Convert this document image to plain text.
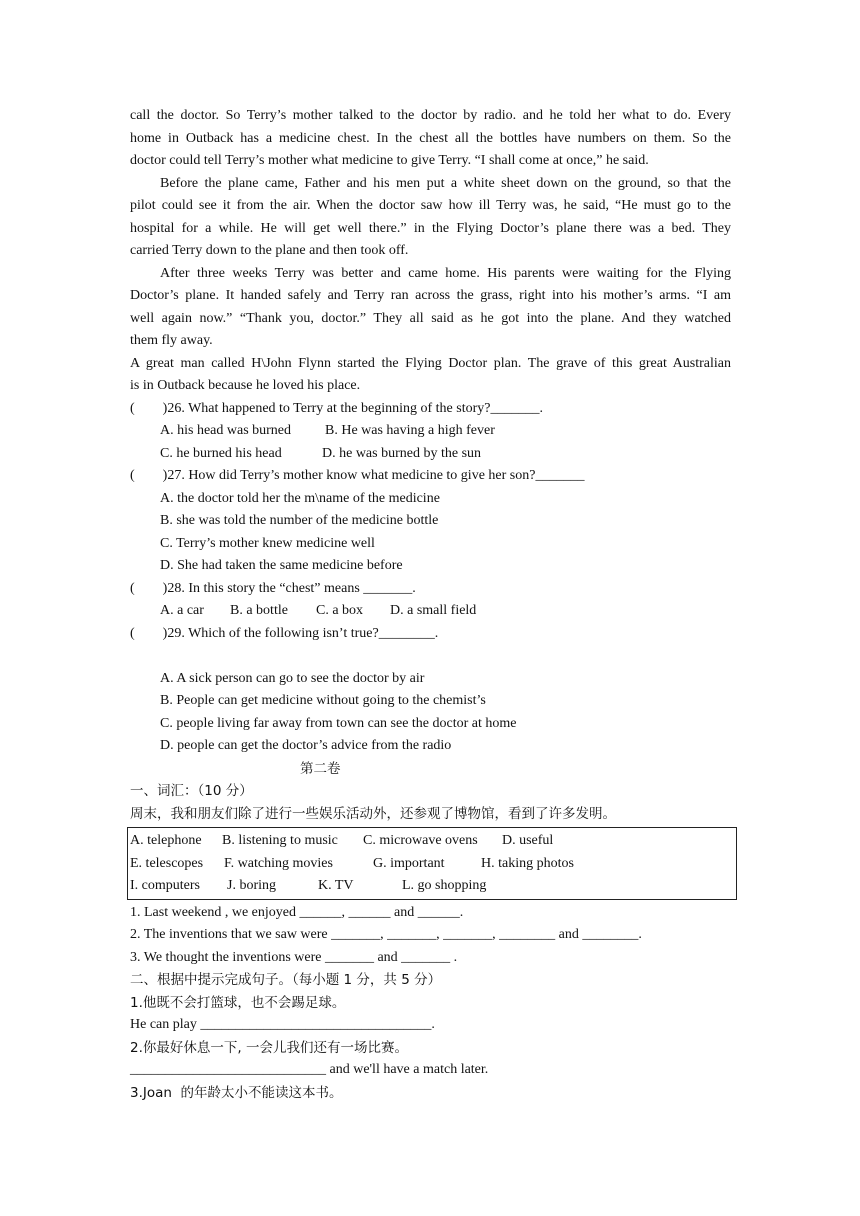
call the doctor. So Terry’s mother talked to the doctor by radio. and he told her what to do. Every
home in Outback has a medicine chest. In the chest all the bottles have numbers on them. So the
doctor could tell Terry’s mother what medicine to give Terry. “I shall come at once,” he said.
Before the plane came, Father and his men put a white sheet down on the ground, so that the
pilot could see it from the air. When the doctor saw how ill Terry was, he said, “He must go to the
hospital for a while. He will get well there.” in the Flying Doctor’s plane there was a bed. They
carried Terry down to the plane and then took off.
After three weeks Terry was better and came home. His parents were waiting for the Flying
Doctor’s plane. It handed safely and Terry ran across the grass, right into his mother’s arms. “I am
well again now.” “Thank you, doctor.” They all said as he got into the plane. And they watched
them fly away.
A great man called H\John Flynn started the Flying Doctor plan. The grave of this great Australian
is in Outback because he loved his place.
(        )26. What happened to Terry at the beginning of the story?_______.
A. his head was burned	B. He was having a high fever
C. he burned his head	D. he was burned by the sun
(        )27. How did Terry’s mother know what medicine to give her son?_______
A. the doctor told her the m\name of the medicine
B. she was told the number of the medicine bottle
C. Terry’s mother knew medicine well
D. She had taken the same medicine before
(        )28. In this story the “chest” means _______.
A. a car	B. a bottle	C. a box	D. a small field
(        )29. Which of the following isn’t true?________.
A. A sick person can go to see the doctor by air
B. People can get medicine without going to the chemist’s
C. people living far away from town can see the doctor at home
D. people can get the doctor’s advice from the radio
第二卷
一、词汇：（10 分）
周末，我和朋友们除了进行一些娱乐活动外，还参观了博物馆，看到了许多发明。
A. telephone	B. listening to music	C. microwave ovens	D. useful
E. telescopes	F. watching movies	G. important	H. taking photos
I. computers	J. boring	K. TV	L. go shopping
1. Last weekend , we enjoyed ______, ______ and ______.
2. The inventions that we saw were _______, _______, _______, ________ and ________.
3. We thought the inventions were _______ and _______ .
二、根据中提示完成句子。（每小题 1 分，共 5 分）
1.他既不会打篮球，也不会踢足球。
He can play _________________________________.
2.你最好休息一下, 一会儿我们还有一场比赛。
____________________________ and we'll have a match later.
3.Joan  的年龄太小不能读这本书。
